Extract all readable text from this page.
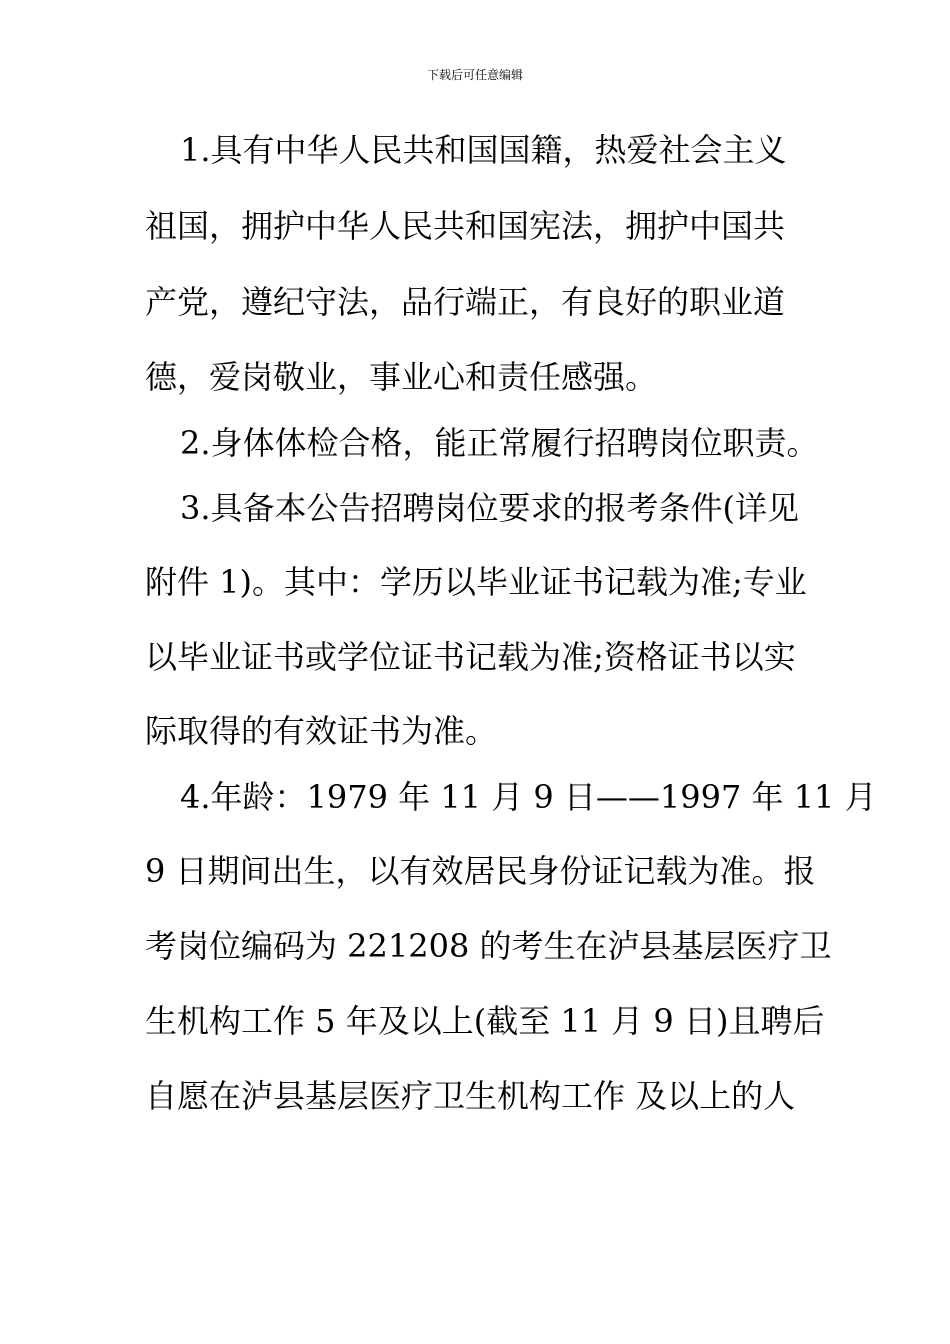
下载后可任意编辑
1.具有中华人民共和国国籍，热爱社会主义
祖国，拥护中华人民共和国宪法，拥护中国共
产党，遵纪守法，品行端正，有良好的职业道
德，爱岗敬业，事业心和责任感强。
2.身体体检合格，能正常履行招聘岗位职责。
3.具备本公告招聘岗位要求的报考条件(详见
附件 1)。其中：学历以毕业证书记载为准;专业
以毕业证书或学位证书记载为准;资格证书以实
际取得的有效证书为准。
4.年龄：1979 年 11 月 9 日——1997 年 11 月
9 日期间出生，以有效居民身份证记载为准。报
考岗位编码为 221208 的考生在泸县基层医疗卫
生机构工作 5 年及以上(截至 11 月 9 日)且聘后
自愿在泸县基层医疗卫生机构工作 及以上的人
